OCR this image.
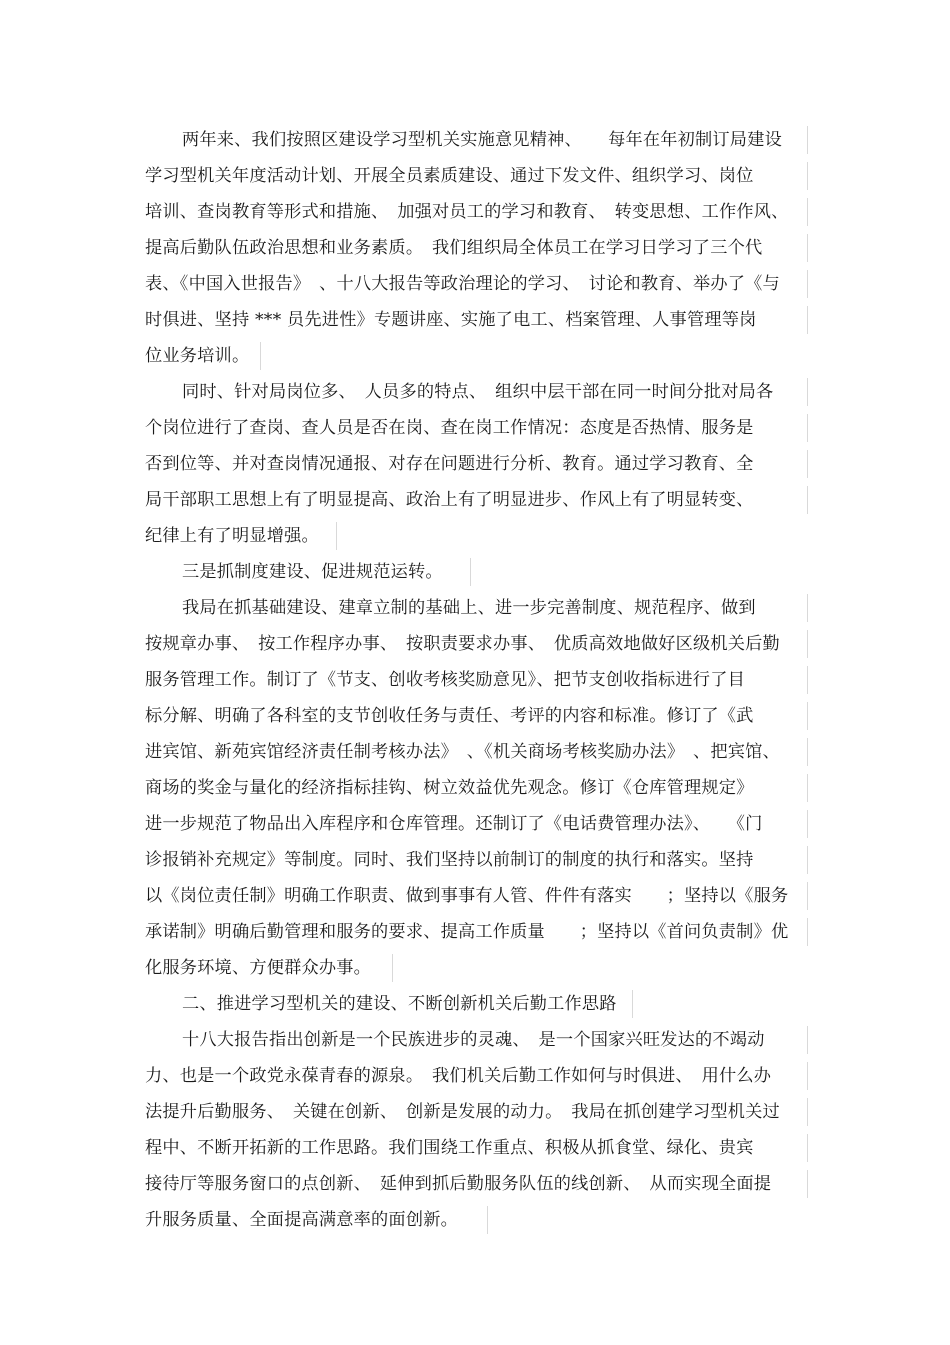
两年来、我们按照区建设学习型机关实施意见精神、　　每年在年初制订局建设
学习型机关年度活动计划、开展全员素质建设、通过下发文件、组织学习、岗位
培训、查岗教育等形式和措施、　加强对员工的学习和教育、　转变思想、工作作风、
提高后勤队伍政治思想和业务素质。　我们组织局全体员工在学习日学习了三个代
表、《中国入世报告》　、十八大报告等政治理论的学习、　讨论和教育、举办了《与
时俱进、坚持 *** 员先进性》专题讲座、实施了电工、档案管理、人事管理等岗
位业务培训。
同时、针对局岗位多、　人员多的特点、　组织中层干部在同一时间分批对局各
个岗位进行了查岗、查人员是否在岗、查在岗工作情况：态度是否热情、服务是
否到位等、并对查岗情况通报、对存在问题进行分析、教育。通过学习教育、全
局干部职工思想上有了明显提高、政治上有了明显进步、作风上有了明显转变、
纪律上有了明显增强。
三是抓制度建设、促进规范运转。
我局在抓基础建设、建章立制的基础上、进一步完善制度、规范程序、做到
按规章办事、　按工作程序办事、　按职责要求办事、　优质高效地做好区级机关后勤
服务管理工作。制订了《节支、创收考核奖励意见》、把节支创收指标进行了目
标分解、明确了各科室的支节创收任务与责任、考评的内容和标准。修订了《武
进宾馆、新苑宾馆经济责任制考核办法》　、《机关商场考核奖励办法》　、把宾馆、
商场的奖金与量化的经济指标挂钩、树立效益优先观念。修订《仓库管理规定》
进一步规范了物品出入库程序和仓库管理。还制订了《电话费管理办法》、　　《门
诊报销补充规定》等制度。同时、我们坚持以前制订的制度的执行和落实。坚持
以《岗位责任制》明确工作职责、做到事事有人管、件件有落实　　；坚持以《服务
承诺制》明确后勤管理和服务的要求、提高工作质量　　；坚持以《首问负责制》优
化服务环境、方便群众办事。
二、推进学习型机关的建设、不断创新机关后勤工作思路
十八大报告指出创新是一个民族进步的灵魂、　是一个国家兴旺发达的不竭动
力、也是一个政党永葆青春的源泉。　我们机关后勤工作如何与时俱进、　用什么办
法提升后勤服务、　关键在创新、　创新是发展的动力。　我局在抓创建学习型机关过
程中、不断开拓新的工作思路。我们围绕工作重点、积极从抓食堂、绿化、贵宾
接待厅等服务窗口的点创新、　延伸到抓后勤服务队伍的线创新、　从而实现全面提
升服务质量、全面提高满意率的面创新。
